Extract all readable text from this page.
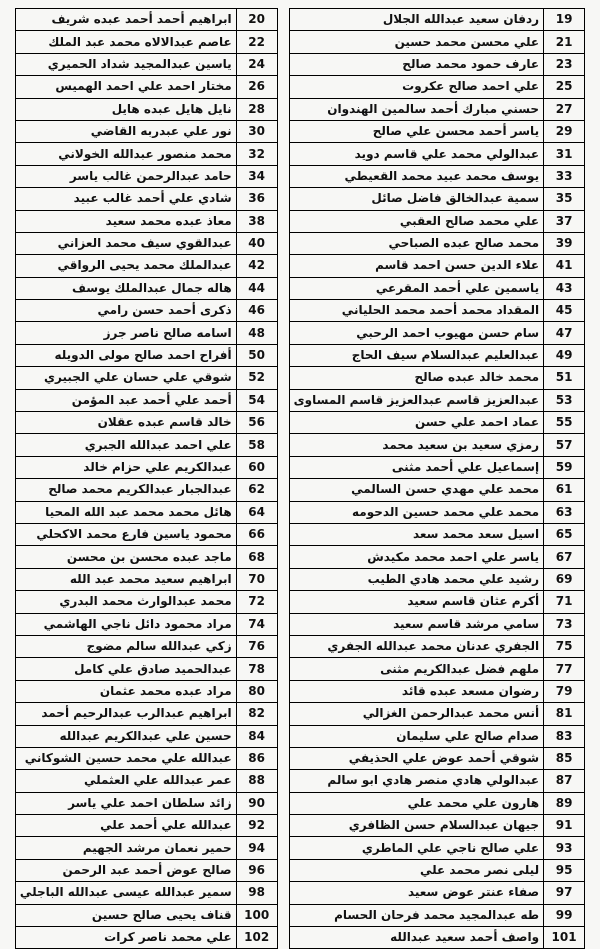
19	ردفان سعيد عبدالله الجلال
21	علي محسن محمد حسين
23	عارف حمود محمد صالح
25	علي احمد صالح عكروت
27	حسني مبارك أحمد سالمين الهندوان
29	ياسر أحمد محسن علي صالح
31	عبدالولي محمد علي قاسم دويد
33	يوسف محمد عبيد محمد القعيطي
35	سمية عبدالخالق فاضل صائل
37	علي محمد صالح العقبي
39	محمد صالح عبده الصباحي
41	علاء الدين حسن احمد قاسم
43	ياسمين علي أحمد المقرعي
45	المقداد محمد أحمد محمد الحلياني
47	سام حسن مهيوب احمد الرحبي
49	عبدالعليم عبدالسلام سيف الحاج
51	محمد خالد عبده صالح
53	عبدالعزيز قاسم عبدالعزيز قاسم المساوى
55	عماد احمد علي حسن
57	رمزي سعيد بن سعيد محمد
59	إسماعيل علي أحمد مثنى
61	محمد علي مهدي حسن السالمي
63	محمد علي محمد حسين الدحومه
65	اسيل سعد محمد سعد
67	ياسر علي احمد محمد مكيدش
69	رشيد علي محمد هادي الطيب
71	أكرم عثان قاسم سعيد
73	سامي مرشد قاسم سعيد
75	الجفري عدنان محمد عبدالله الجفري
77	ملهم فضل عبدالكريم مثنى
79	رضوان مسعد عبده قائد
81	أنس محمد عبدالرحمن الغزالي
83	صدام صالح علي سليمان
85	شوقي أحمد عوض علي الحذيفي
87	عبدالولي هادي منصر هادي ابو سالم
89	هارون علي محمد علي
91	جيهان عبدالسلام حسن الظافري
93	علي صالح ناجي علي الماطري
95	ليلى نصر محمد علي
97	صفاء عنتر عوض سعيد
99	طه عبدالمجيد محمد فرحان الحسام
101	واصف أحمد سعيد عبدالله
20	ابراهيم أحمد أحمد عبده شريف
22	عاصم عبدالالاه محمد عبد الملك
24	ياسين عبدالمجيد شداد الحميري
26	مختار احمد علي احمد الهميس
28	نايل هايل عبده هايل
30	نور علي عبدربه القاضي
32	محمد منصور عبدالله الخولاني
34	حامد عبدالرحمن غالب ياسر
36	شادي علي أحمد غالب عبيد
38	معاذ عبده محمد سعيد
40	عبدالقوي سيف محمد العزاني
42	عبدالملك محمد يحيى الرواقي
44	هاله جمال عبدالملك يوسف
46	ذكرى أحمد حسن رامي
48	اسامه صالح ناصر جرز
50	أفراح احمد صالح مولى الدويله
52	شوقي علي حسان علي الجبيري
54	أحمد علي أحمد عبد المؤمن
56	خالد قاسم عبده عقلان
58	علي احمد عبدالله الجبري
60	عبدالكريم علي حزام خالد
62	عبدالجبار عبدالكريم محمد صالح
64	هائل محمد محمد عبد الله المحيا
66	محمود ياسين فارع محمد الاكحلي
68	ماجد عبده محسن بن محسن
70	ابراهيم سعيد محمد عبد الله
72	محمد عبدالوارث محمد البدري
74	مراد محمود دائل ناجي الهاشمي
76	زكي عبدالله سالم مضوج
78	عبدالحميد صادق علي كامل
80	مراد عبده محمد عثمان
82	ابراهيم عبدالرب عبدالرحيم أحمد
84	حسين علي عبدالكريم عبدالله
86	عبدالله علي محمد حسين الشوكاني
88	عمر عبدالله علي العثملي
90	زائد سلطان احمد علي ياسر
92	عبدالله علي أحمد علي
94	حمير نعمان مرشد الجهيم
96	صالح عوض أحمد عبد الرحمن
98	سمير عبدالله عيسى عبدالله الباجلي
100	قناف يحيى صالح حسين
102	علي محمد ناصر كرات
